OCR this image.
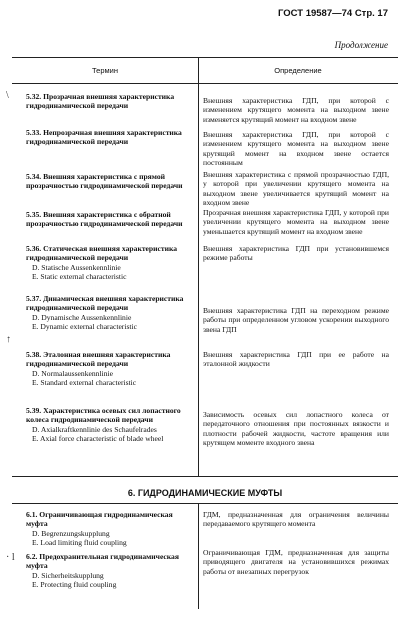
ГОСТ 19587—74 Стр. 17
Продолжение
Термин	Определение
\
↑
· l

5.32. Прозрачная внешняя характеристика гидродинамической передачи

Внешняя характеристика ГДП, при которой с изменением крутящего момента на выходном звене изменяется крутящий момент на входном звене

5.33. Непрозрачная внешняя характеристика гидродинамической передачи

Внешняя характеристика ГДП, при которой с изменением крутящего момента на выходном звене крутящий момент на входном звене остается постоянным

5.34. Внешняя характеристика с прямой прозрачностью гидродинамической передачи

Внешняя характеристика с прямой прозрачностью ГДП, у которой при увеличении крутящего момента на выходном звене увеличивается крутящий момент на входном звене

5.35. Внешняя характеристика с обратной прозрачностью гидродинамической передачи

Прозрачная внешняя характеристика ГДП, у которой при увеличении крутящего момента на выходном звене уменьшается крутящий момент на входном звене

5.36. Статическая внешняя характеристика гидродинамической передачи

D. Statische Aussenkennlinie

E. Static external characteristic

Внешняя характеристика ГДП при установившемся режиме работы

5.37. Динамическая внешняя характеристика гидродинамической передачи

D. Dynamische Aussenkennlinie

E. Dynamic external characteristic

Внешняя характеристика ГДП на переходном режиме работы при определенном угловом ускорении выходного звена ГДП

5.38. Эталонная внешняя характеристика гидродинамической передачи

D. Normalaussenkennlinie

E. Standard external characteristic

Внешняя характеристика ГДП при ее работе на эталонной жидкости

5.39. Характеристика осевых сил лопастного колеса гидродинамической передачи

D. Axialkraftkennlinie des Schaufelrades

E. Axial force characteristic of blade wheel

Зависимость осевых сил лопастного колеса от передаточного отношения при постоянных вязкости и плотности рабочей жидкости, частоте вращения или крутящем моменте входного звена

6. ГИДРОДИНАМИЧЕСКИЕ МУФТЫ

6.1. Ограничивающая гидродинамическая муфта

D. Begrenzungskupplung

E. Load limiting fluid coupling

ГДМ, предназначенная для ограничения величины передаваемого крутящего момента

6.2. Предохранительная гидродинамическая муфта

D. Sicherheitskupplung

E. Protecting fluid coupling

Ограничивающая ГДМ, предназначенная для защиты приводящего двигателя на установившихся режимах работы от внезапных перегрузок
